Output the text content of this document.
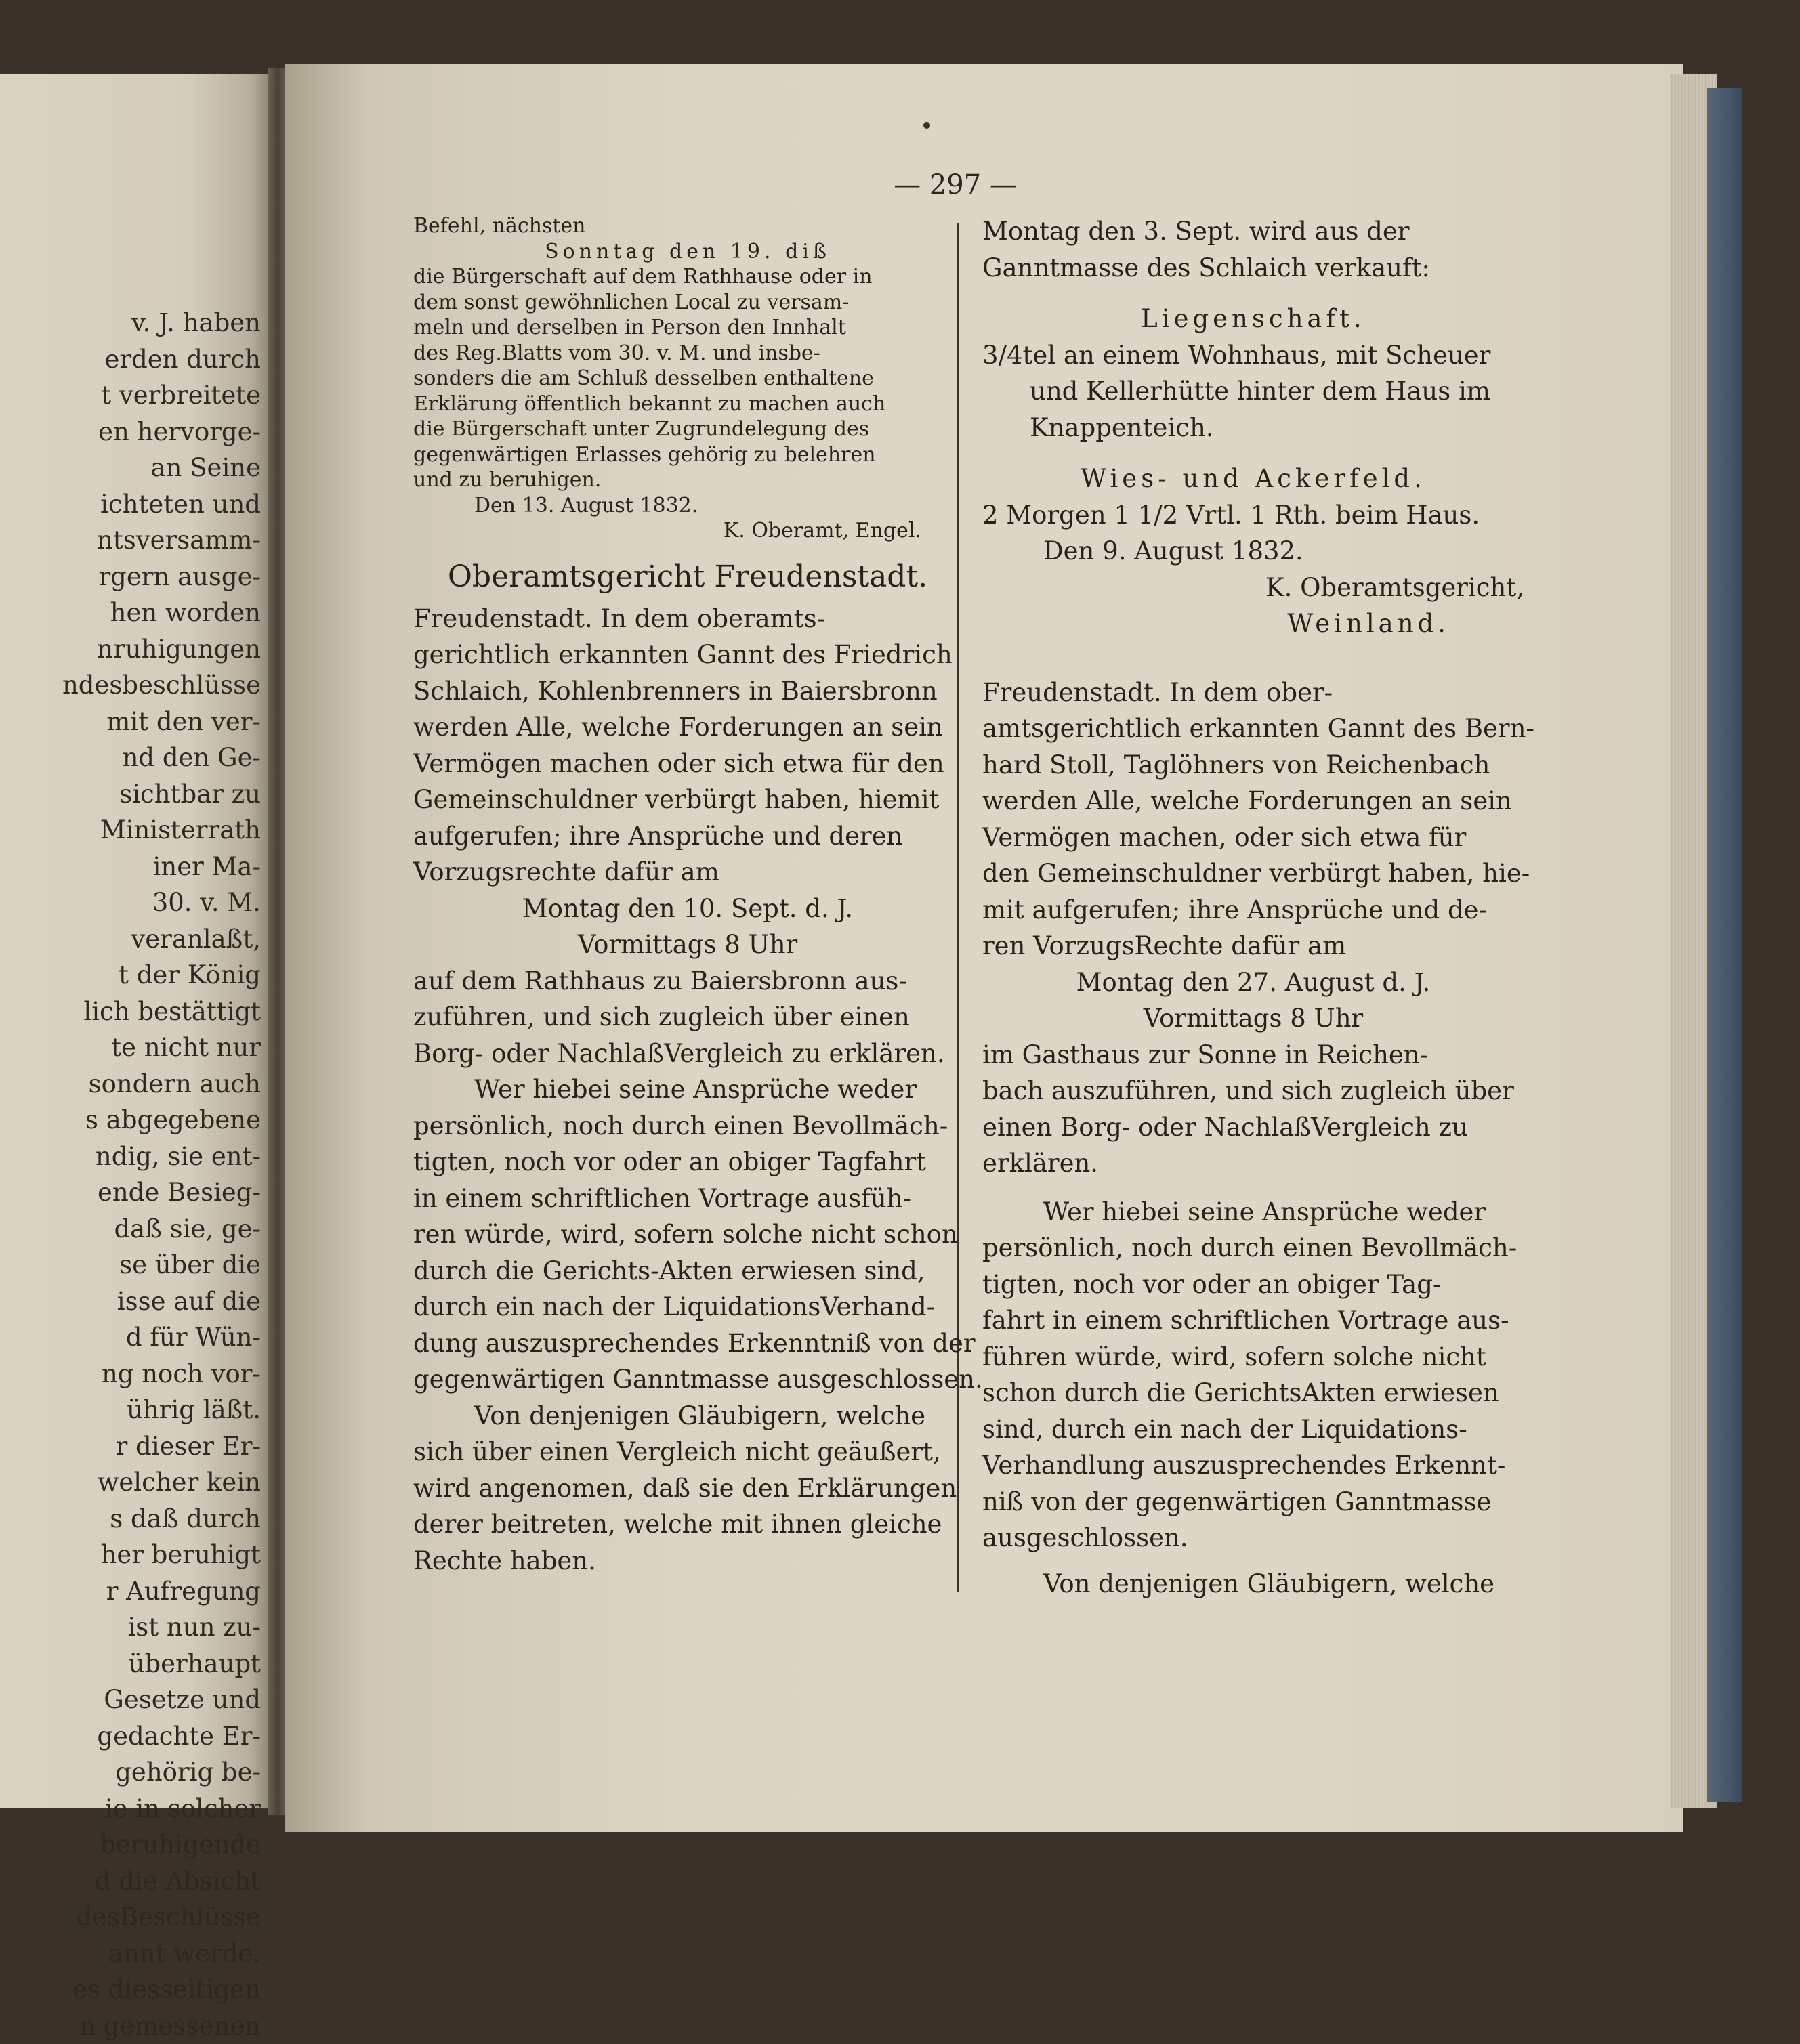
v. J. haben
erden durch
t verbreitete
en hervorge-
an Seine
ichteten und
ntsversamm-
rgern ausge-
hen worden
nruhigungen
ndesbeschlüsse
mit den ver-
nd den Ge-
sichtbar zu
Ministerrath
iner Ma-
30. v. M.
veranlaßt,
t der König
lich bestättigt
te nicht nur
sondern auch
s abgegebene
ndig, sie ent-
ende Besieg-
daß sie, ge-
se über die
isse auf die
d für Wün-
ng noch vor-
ührig läßt.
r dieser Er-
welcher kein
s daß durch
her beruhigt
r Aufregung
ist nun zu-
überhaupt
Gesetze und
gedachte Er-
gehörig be-
ie in solcher
beruhigende
d die Absicht
desBeschlüsse
annt werde.
es diesseitigen
n gemessenen
— 297 —
Befehl, nächsten
Sonntag den 19. diß
die Bürgerschaft auf dem Rathhause oder in
dem sonst gewöhnlichen Local zu versam-
meln und derselben in Person den Innhalt
des Reg.Blatts vom 30. v. M. und insbe-
sonders die am Schluß desselben enthaltene
Erklärung öffentlich bekannt zu machen auch
die Bürgerschaft unter Zugrundelegung des
gegenwärtigen Erlasses gehörig zu belehren
und zu beruhigen.
Den 13. August 1832.
K. Oberamt, Engel.
Oberamtsgericht Freudenstadt.
Freudenstadt. In dem oberamts-
gerichtlich erkannten Gannt des Friedrich
Schlaich, Kohlenbrenners in Baiersbronn
werden Alle, welche Forderungen an sein
Vermögen machen oder sich etwa für den
Gemeinschuldner verbürgt haben, hiemit
aufgerufen; ihre Ansprüche und deren
Vorzugsrechte dafür am
Montag den 10. Sept. d. J.
Vormittags 8 Uhr
auf dem Rathhaus zu Baiersbronn aus-
zuführen, und sich zugleich über einen
Borg- oder NachlaßVergleich zu erklären.
Wer hiebei seine Ansprüche weder
persönlich, noch durch einen Bevollmäch-
tigten, noch vor oder an obiger Tagfahrt
in einem schriftlichen Vortrage ausfüh-
ren würde, wird, sofern solche nicht schon
durch die Gerichts-Akten erwiesen sind,
durch ein nach der LiquidationsVerhand-
dung auszusprechendes Erkenntniß von der
gegenwärtigen Ganntmasse ausgeschlossen.
Von denjenigen Gläubigern, welche
sich über einen Vergleich nicht geäußert,
wird angenomen, daß sie den Erklärungen
derer beitreten, welche mit ihnen gleiche
Rechte haben.
Montag den 3. Sept. wird aus der
Ganntmasse des Schlaich verkauft:
Liegenschaft.
3/4tel an einem Wohnhaus, mit Scheuer
und Kellerhütte hinter dem Haus im
Knappenteich.
Wies- und Ackerfeld.
2 Morgen 1 1/2 Vrtl. 1 Rth. beim Haus.
Den 9. August 1832.
K. Oberamtsgericht,
Weinland.
Freudenstadt. In dem ober-
amtsgerichtlich erkannten Gannt des Bern-
hard Stoll, Taglöhners von Reichenbach
werden Alle, welche Forderungen an sein
Vermögen machen, oder sich etwa für
den Gemeinschuldner verbürgt haben, hie-
mit aufgerufen; ihre Ansprüche und de-
ren VorzugsRechte dafür am
Montag den 27. August d. J.
Vormittags 8 Uhr
im Gasthaus zur Sonne in Reichen-
bach auszuführen, und sich zugleich über
einen Borg- oder NachlaßVergleich zu
erklären.
Wer hiebei seine Ansprüche weder
persönlich, noch durch einen Bevollmäch-
tigten, noch vor oder an obiger Tag-
fahrt in einem schriftlichen Vortrage aus-
führen würde, wird, sofern solche nicht
schon durch die GerichtsAkten erwiesen
sind, durch ein nach der Liquidations-
Verhandlung auszusprechendes Erkennt-
niß von der gegenwärtigen Ganntmasse
ausgeschlossen.
Von denjenigen Gläubigern, welche
